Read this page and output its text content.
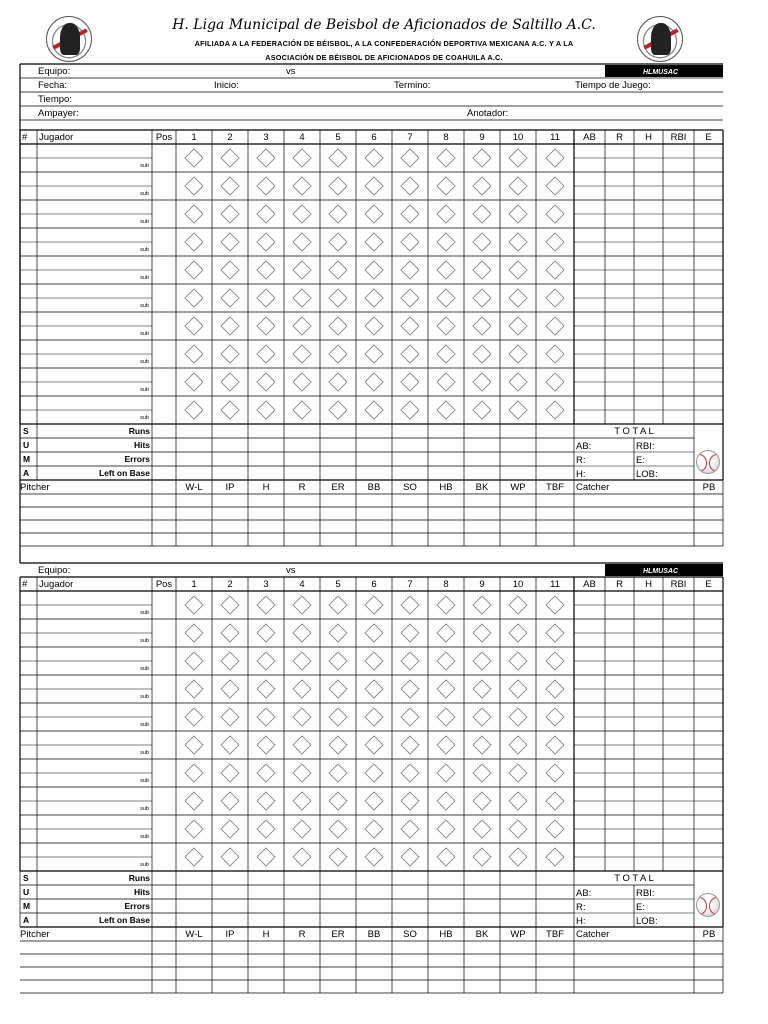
H. Liga Municipal de Beisbol de Aficionados de Saltillo A.C.
AFILIADA A LA FEDERACIÓN DE BÉISBOL, A LA CONFEDERACIÓN DEPORTIVA MEXICANA A.C. Y A LA
ASOCIACIÓN DE BÉISBOL DE AFICIONADOS DE COAHUILA A.C.
Equipo:	vs	HLMUSAC
Fecha:	Inicio:	Termino:	Tiempo de Juego:
Tiempo:
Ampayer:	Anotador:
# Jugador	Pos 1	2	3	4	5	6	7	8	9	10	11 AB R H RBI E
sub
sub
sub
sub
sub
sub
sub
sub
sub
sub
S	Runs
U	Hits
M	Errors
A	Left on Base
T O T A L
AB:	RBI:
R:	E:
H:	LOB:
Pitcher	W-L IP	H	R	ER BB SO HB BK WP TBF Catcher	PB
Equipo:	vs	HLMUSAC
# Jugador	Pos 1	2	3	4	5	6	7	8	9	10	11 AB R H RBI E
sub
sub
sub
sub
sub
sub
sub
sub
sub
sub
S	Runs
U	Hits
M	Errors
A	Left on Base
T O T A L
AB:	RBI:
R:	E:
H:	LOB:
Pitcher	W-L IP	H	R	ER BB SO HB BK WP TBF Catcher	PB
